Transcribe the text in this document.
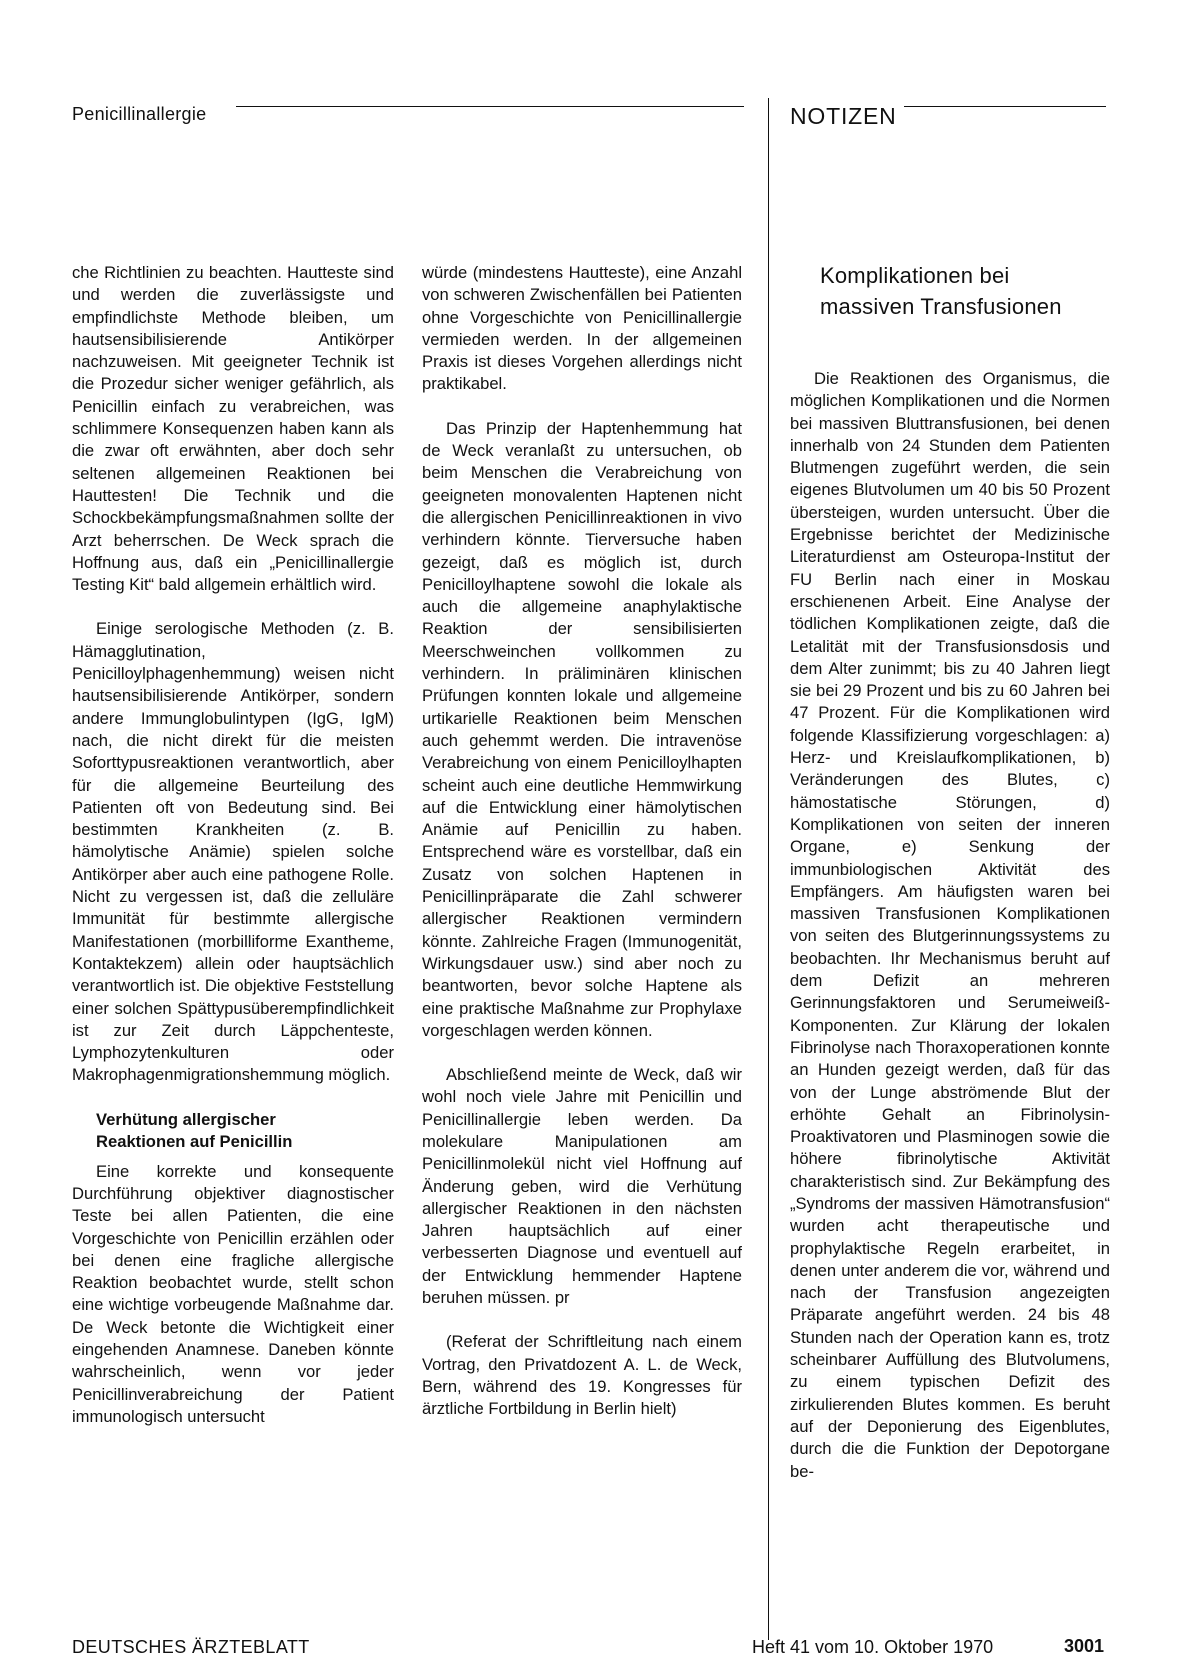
Penicillinallergie	NOTIZEN

che Richtlinien zu beachten. Hautteste sind und werden die zuverlässigste und empfindlichste Methode bleiben, um hautsensibilisierende Antikörper nachzuweisen. Mit geeigneter Technik ist die Prozedur sicher weniger gefährlich, als Penicillin einfach zu verabreichen, was schlimmere Konsequenzen haben kann als die zwar oft erwähnten, aber doch sehr seltenen allgemeinen Reaktionen bei Hauttesten! Die Technik und die Schockbekämpfungsmaßnahmen sollte der Arzt beherrschen. De Weck sprach die Hoffnung aus, daß ein „Penicillinallergie Testing Kit“ bald allgemein erhältlich wird.

Einige serologische Methoden (z. B. Hämagglutination, Penicilloylphagenhemmung) weisen nicht hautsensibilisierende Antikörper, sondern andere Immunglobulintypen (IgG, IgM) nach, die nicht direkt für die meisten Soforttypusreaktionen verantwortlich, aber für die allgemeine Beurteilung des Patienten oft von Bedeutung sind. Bei bestimmten Krankheiten (z. B. hämolytische Anämie) spielen solche Antikörper aber auch eine pathogene Rolle. Nicht zu vergessen ist, daß die zelluläre Immunität für bestimmte allergische Manifestationen (morbilliforme Exantheme, Kontaktekzem) allein oder hauptsächlich verantwortlich ist. Die objektive Feststellung einer solchen Spättypusüberempfindlichkeit ist zur Zeit durch Läppchenteste, Lymphozytenkulturen oder Makrophagenmigrationshemmung möglich.

Verhütung allergischer
Reaktionen auf Penicillin

Eine korrekte und konsequente Durchführung objektiver diagnostischer Teste bei allen Patienten, die eine Vorgeschichte von Penicillin erzählen oder bei denen eine fragliche allergische Reaktion beobachtet wurde, stellt schon eine wichtige vorbeugende Maßnahme dar. De Weck betonte die Wichtigkeit einer eingehenden Anamnese. Daneben könnte wahrscheinlich, wenn vor jeder Penicillinverabreichung der Patient immunologisch untersucht

würde (mindestens Hautteste), eine Anzahl von schweren Zwischenfällen bei Patienten ohne Vorgeschichte von Penicillinallergie vermieden werden. In der allgemeinen Praxis ist dieses Vorgehen allerdings nicht praktikabel.

Das Prinzip der Haptenhemmung hat de Weck veranlaßt zu untersuchen, ob beim Menschen die Verabreichung von geeigneten monovalenten Haptenen nicht die allergischen Penicillinreaktionen in vivo verhindern könnte. Tierversuche haben gezeigt, daß es möglich ist, durch Penicilloylhaptene sowohl die lokale als auch die allgemeine anaphylaktische Reaktion der sensibilisierten Meerschweinchen vollkommen zu verhindern. In präliminären klinischen Prüfungen konnten lokale und allgemeine urtikarielle Reaktionen beim Menschen auch gehemmt werden. Die intravenöse Verabreichung von einem Penicilloylhapten scheint auch eine deutliche Hemmwirkung auf die Entwicklung einer hämolytischen Anämie auf Penicillin zu haben. Entsprechend wäre es vorstellbar, daß ein Zusatz von solchen Haptenen in Penicillinpräparate die Zahl schwerer allergischer Reaktionen vermindern könnte. Zahlreiche Fragen (Immunogenität, Wirkungsdauer usw.) sind aber noch zu beantworten, bevor solche Haptene als eine praktische Maßnahme zur Prophylaxe vorgeschlagen werden können.

Abschließend meinte de Weck, daß wir wohl noch viele Jahre mit Penicillin und Penicillinallergie leben werden. Da molekulare Manipulationen am Penicillinmolekül nicht viel Hoffnung auf Änderung geben, wird die Verhütung allergischer Reaktionen in den nächsten Jahren hauptsächlich auf einer verbesserten Diagnose und eventuell auf der Entwicklung hemmender Haptene beruhen müssen. pr

(Referat der Schriftleitung nach einem Vortrag, den Privatdozent A. L. de Weck, Bern, während des 19. Kongresses für ärztliche Fortbildung in Berlin hielt)

Komplikationen bei
massiven Transfusionen

Die Reaktionen des Organismus, die möglichen Komplikationen und die Normen bei massiven Bluttransfusionen, bei denen innerhalb von 24 Stunden dem Patienten Blutmengen zugeführt werden, die sein eigenes Blutvolumen um 40 bis 50 Prozent übersteigen, wurden untersucht. Über die Ergebnisse berichtet der Medizinische Literaturdienst am Osteuropa-Institut der FU Berlin nach einer in Moskau erschienenen Arbeit. Eine Analyse der tödlichen Komplikationen zeigte, daß die Letalität mit der Transfusionsdosis und dem Alter zunimmt; bis zu 40 Jahren liegt sie bei 29 Prozent und bis zu 60 Jahren bei 47 Prozent. Für die Komplikationen wird folgende Klassifizierung vorgeschlagen: a) Herz- und Kreislaufkomplikationen, b) Veränderungen des Blutes, c) hämostatische Störungen, d) Komplikationen von seiten der inneren Organe, e) Senkung der immunbiologischen Aktivität des Empfängers. Am häufigsten waren bei massiven Transfusionen Komplikationen von seiten des Blutgerinnungssystems zu beobachten. Ihr Mechanismus beruht auf dem Defizit an mehreren Gerinnungsfaktoren und Serumeiweiß-Komponenten. Zur Klärung der lokalen Fibrinolyse nach Thoraxoperationen konnte an Hunden gezeigt werden, daß für das von der Lunge abströmende Blut der erhöhte Gehalt an Fibrinolysin-Proaktivatoren und Plasminogen sowie die höhere fibrinolytische Aktivität charakteristisch sind. Zur Bekämpfung des „Syndroms der massiven Hämotransfusion“ wurden acht therapeutische und prophylaktische Regeln erarbeitet, in denen unter anderem die vor, während und nach der Transfusion angezeigten Präparate angeführt werden. 24 bis 48 Stunden nach der Operation kann es, trotz scheinbarer Auffüllung des Blutvolumens, zu einem typischen Defizit des zirkulierenden Blutes kommen. Es beruht auf der Deponierung des Eigenblutes, durch die die Funktion der Depotorgane be-

DEUTSCHES ÄRZTEBLATT	Heft 41 vom 10. Oktober 1970	3001
